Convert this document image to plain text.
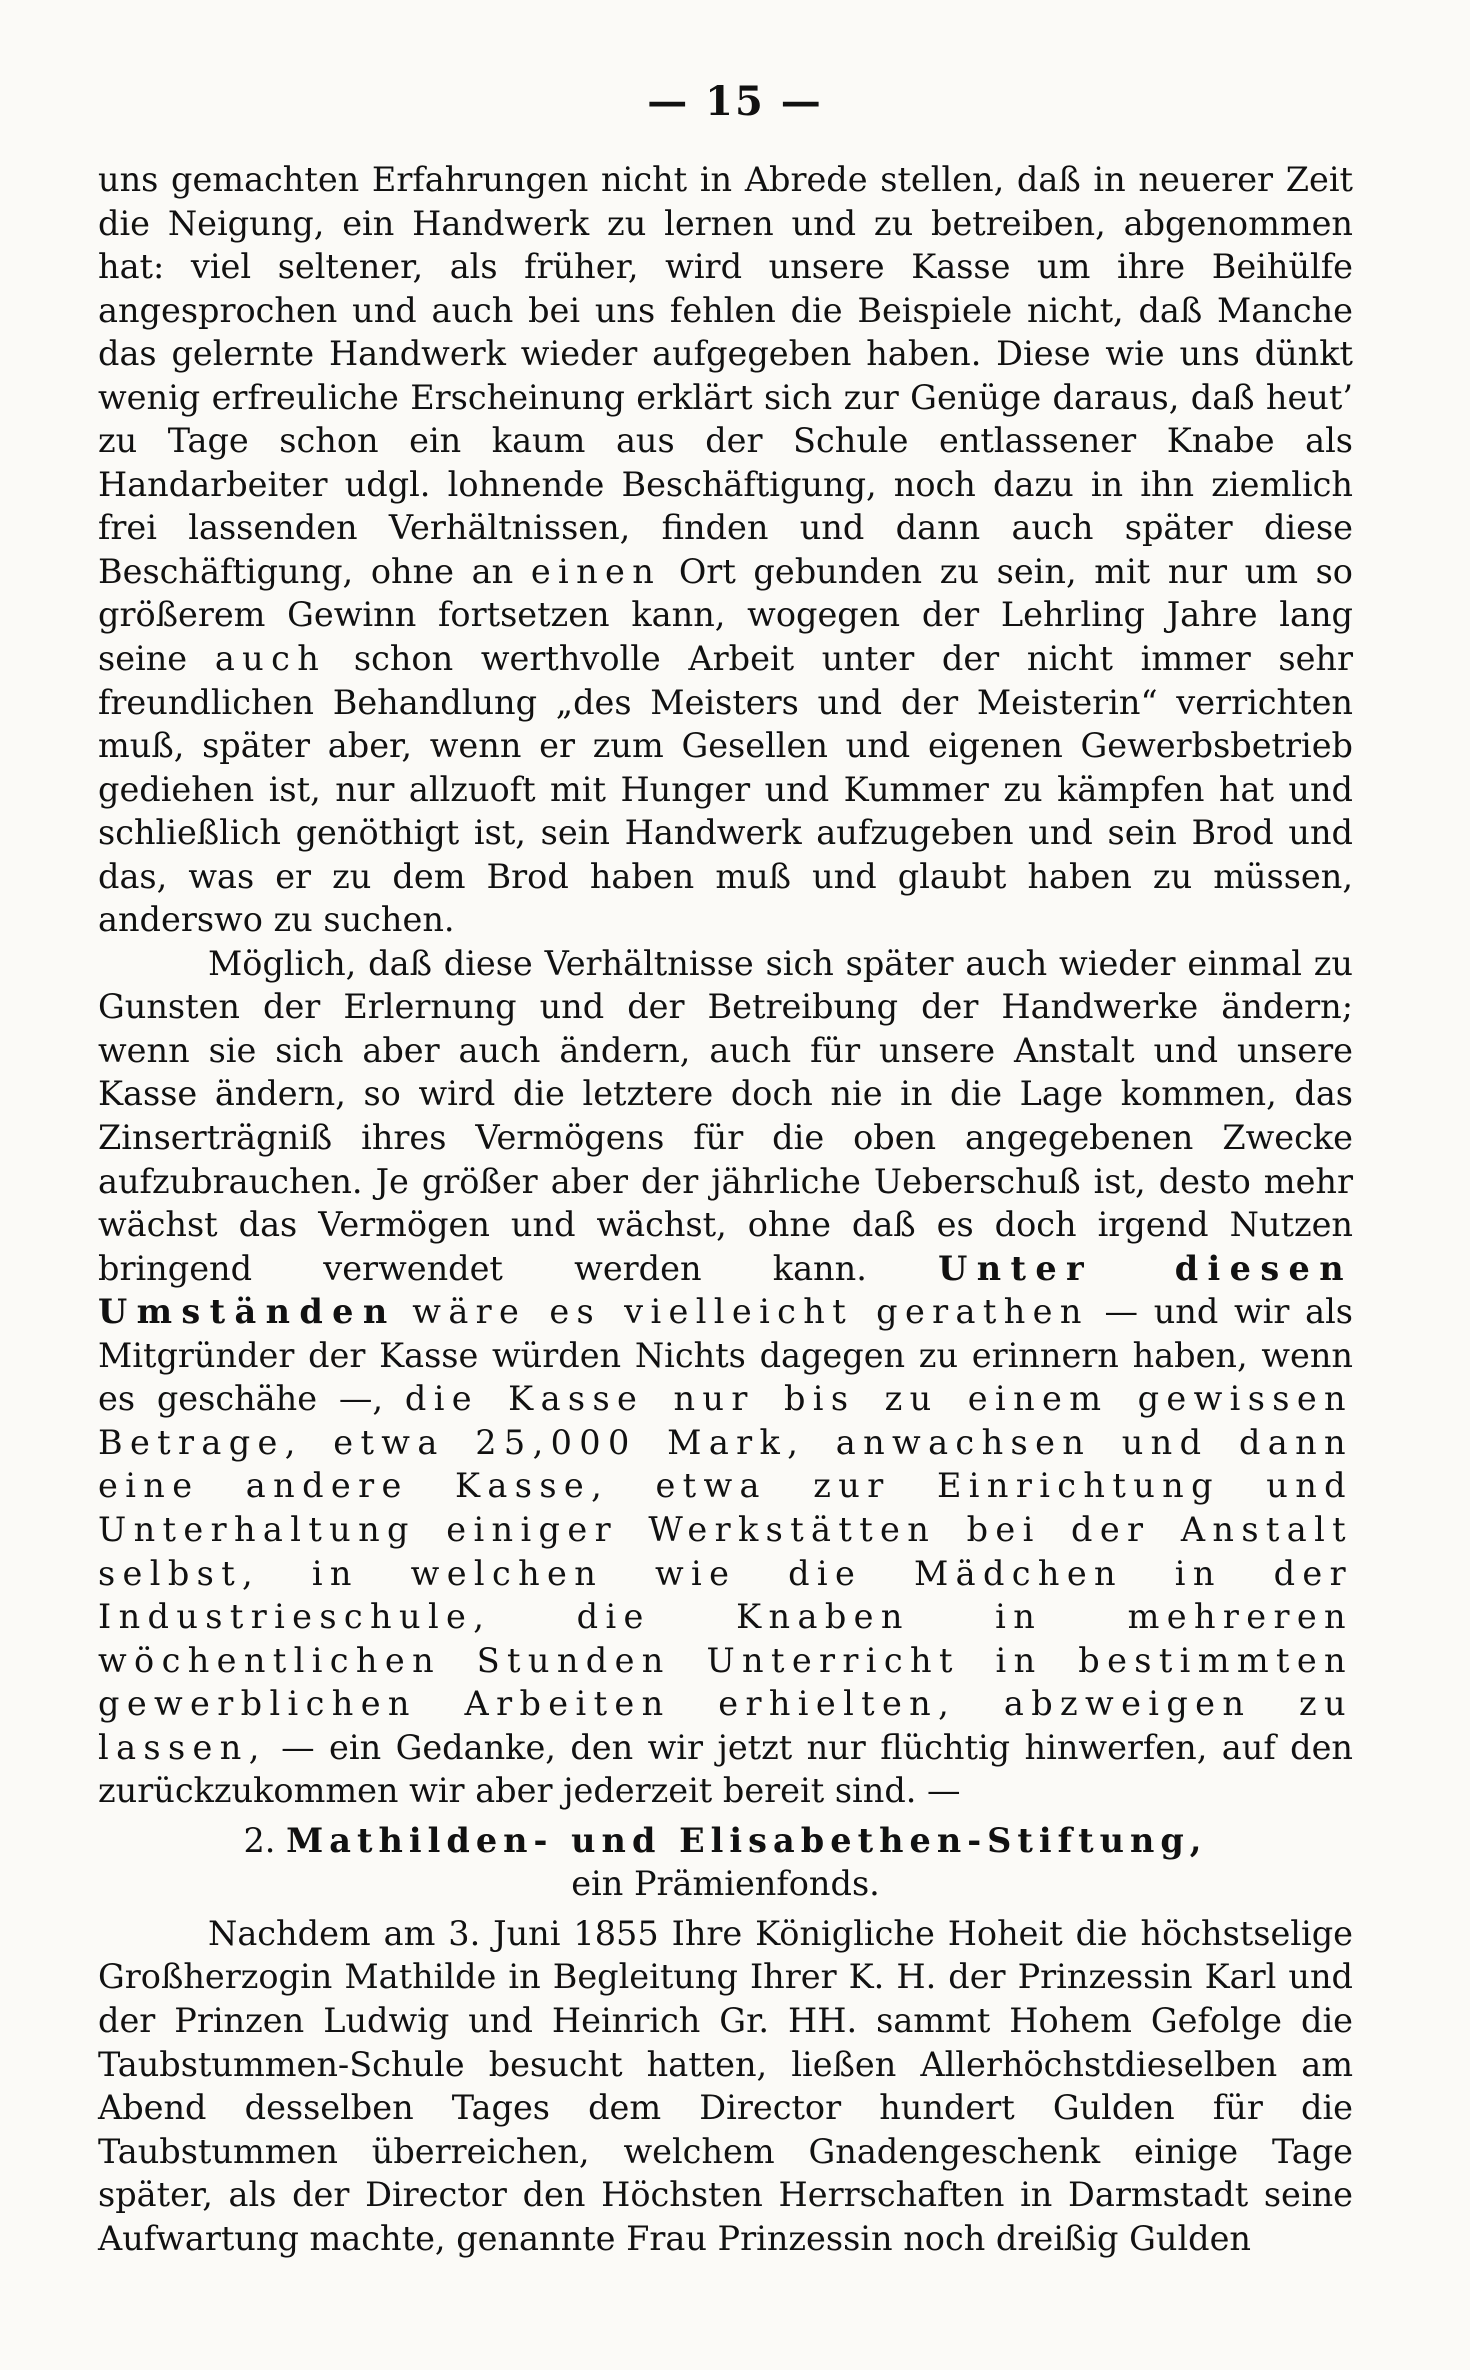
— 15 —

uns gemachten Erfahrungen nicht in Abrede stellen, daß in neuerer Zeit die Neigung, ein Handwerk zu lernen und zu betreiben, abgenommen hat: viel seltener, als früher, wird unsere Kasse um ihre Beihülfe angesprochen und auch bei uns fehlen die Beispiele nicht, daß Manche das gelernte Handwerk wieder aufgegeben haben. Diese wie uns dünkt wenig erfreuliche Erscheinung erklärt sich zur Genüge daraus, daß heut’ zu Tage schon ein kaum aus der Schule entlassener Knabe als Handarbeiter udgl. lohnende Beschäftigung, noch dazu in ihn ziemlich frei lassenden Verhältnissen, finden und dann auch später diese Beschäftigung, ohne an einen Ort gebunden zu sein, mit nur um so größerem Gewinn fortsetzen kann, wogegen der Lehrling Jahre lang seine auch schon werthvolle Arbeit unter der nicht immer sehr freundlichen Behandlung „des Meisters und der Meisterin“ verrichten muß, später aber, wenn er zum Gesellen und eigenen Gewerbsbetrieb gediehen ist, nur allzuoft mit Hunger und Kummer zu kämpfen hat und schließlich genöthigt ist, sein Handwerk aufzugeben und sein Brod und das, was er zu dem Brod haben muß und glaubt haben zu müssen, anderswo zu suchen.

Möglich, daß diese Verhältnisse sich später auch wieder einmal zu Gunsten der Erlernung und der Betreibung der Handwerke ändern; wenn sie sich aber auch ändern, auch für unsere Anstalt und unsere Kasse ändern, so wird die letztere doch nie in die Lage kommen, das Zinserträgniß ihres Vermögens für die oben angegebenen Zwecke aufzubrauchen. Je größer aber der jährliche Ueberschuß ist, desto mehr wächst das Vermögen und wächst, ohne daß es doch irgend Nutzen bringend verwendet werden kann. Unter diesen Umständen wäre es vielleicht gerathen — und wir als Mitgründer der Kasse würden Nichts dagegen zu erinnern haben, wenn es geschähe —, die Kasse nur bis zu einem gewissen Betrage, etwa 25,000 Mark, anwachsen und dann eine andere Kasse, etwa zur Einrichtung und Unterhaltung einiger Werkstätten bei der Anstalt selbst, in welchen wie die Mädchen in der Industrieschule, die Knaben in mehreren wöchentlichen Stunden Unterricht in bestimmten gewerblichen Arbeiten erhielten, abzweigen zu lassen, — ein Gedanke, den wir jetzt nur flüchtig hinwerfen, auf den zurückzukommen wir aber jederzeit bereit sind. —

2. Mathilden- und Elisabethen-Stiftung,
ein Prämienfonds.

Nachdem am 3. Juni 1855 Ihre Königliche Hoheit die höchstselige Großherzogin Mathilde in Begleitung Ihrer K. H. der Prinzessin Karl und der Prinzen Ludwig und Heinrich Gr. HH. sammt Hohem Gefolge die Taubstummen-Schule besucht hatten, ließen Allerhöchstdieselben am Abend desselben Tages dem Director hundert Gulden für die Taubstummen überreichen, welchem Gnadengeschenk einige Tage später, als der Director den Höchsten Herrschaften in Darmstadt seine Aufwartung machte, genannte Frau Prinzessin noch dreißig Gulden
